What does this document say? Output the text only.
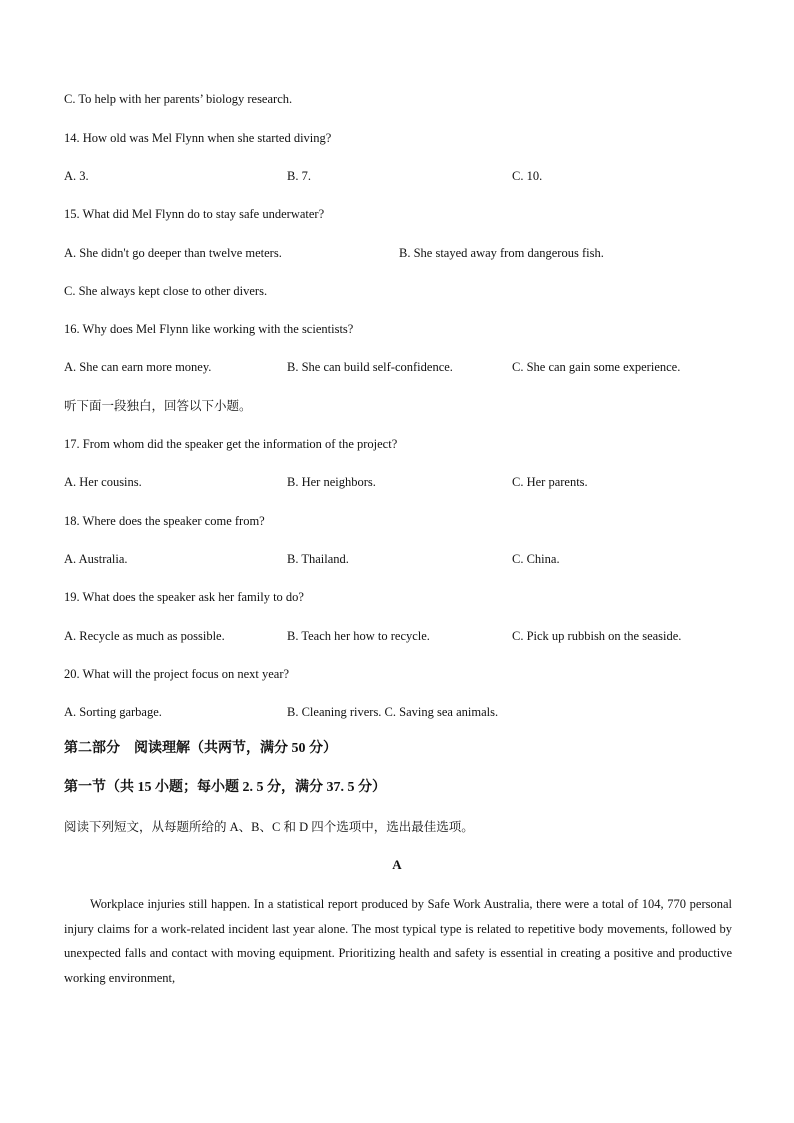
C. To help with her parents’ biology research.
14. How old was Mel Flynn when she started diving?
A. 3.	B. 7.	C. 10.
15. What did Mel Flynn do to stay safe underwater?
A. She didn't go deeper than twelve meters.	B. She stayed away from dangerous fish.
C. She always kept close to other divers.
16. Why does Mel Flynn like working with the scientists?
A. She can earn more money.	B. She can build self-confidence.	C. She can gain some experience.
听下面一段独白，回答以下小题。
17. From whom did the speaker get the information of the project?
A. Her cousins.	B. Her neighbors.	C. Her parents.
18. Where does the speaker come from?
A. Australia.	B. Thailand.	C. China.
19. What does the speaker ask her family to do?
A. Recycle as much as possible.	B. Teach her how to recycle.	C. Pick up rubbish on the seaside.
20. What will the project focus on next year?
A. Sorting garbage.	B. Cleaning rivers. C. Saving sea animals.
第二部分　阅读理解（共两节，满分 50 分）
第一节（共 15 小题；每小题 2. 5 分，满分 37. 5 分）
阅读下列短文，从每题所给的 A、B、C 和 D 四个选项中，选出最佳选项。
A
Workplace injuries still happen. In a statistical report produced by Safe Work Australia, there were a total of 104, 770 personal injury claims for a work-related incident last year alone. The most typical type is related to repetitive body movements, followed by unexpected falls and contact with moving equipment. Prioritizing health and safety is essential in creating a positive and productive working environment,
